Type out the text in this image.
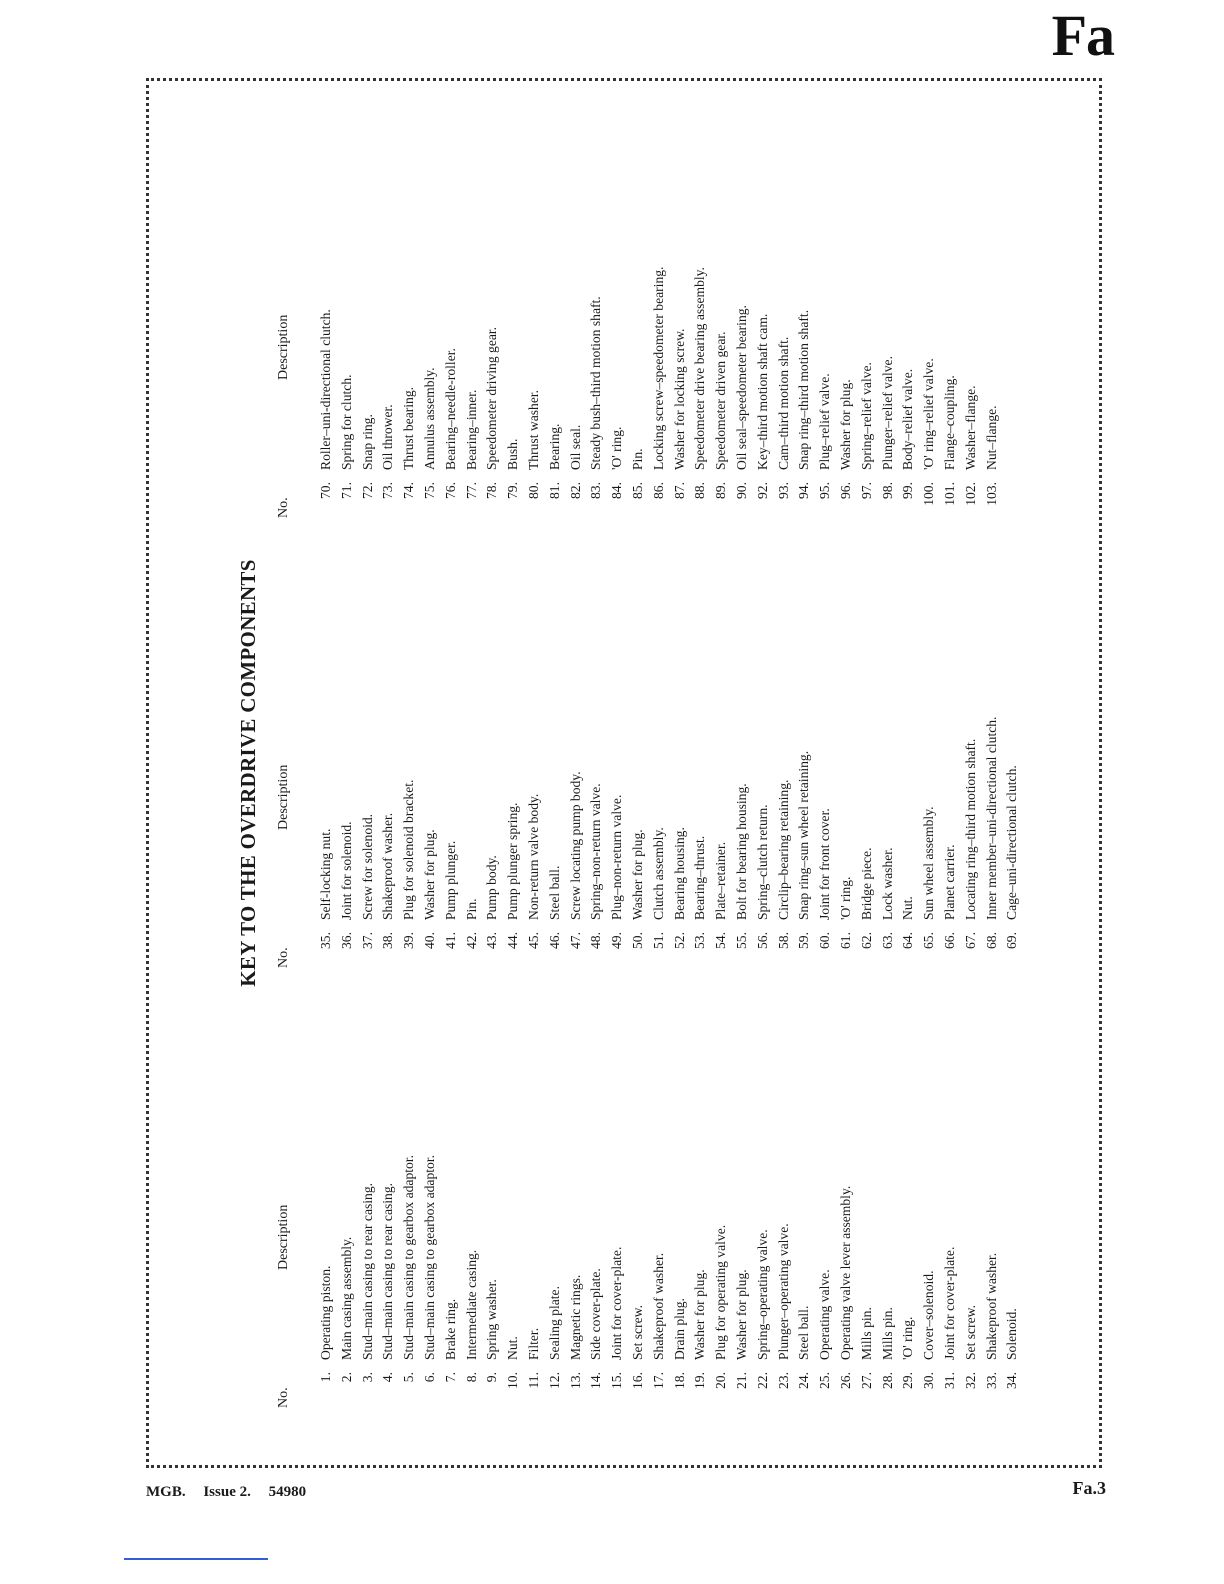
Fa
KEY TO THE OVERDRIVE COMPONENTS
No.
Description
1.
Operating piston.
2.
Main casing assembly.
3.
Stud–main casing to rear casing.
4.
Stud–main casing to rear casing.
5.
Stud–main casing to gearbox adaptor.
6.
Stud–main casing to gearbox adaptor.
7.
Brake ring.
8.
Intermediate casing.
9.
Spring washer.
10.
Nut.
11.
Filter.
12.
Sealing plate.
13.
Magnetic rings.
14.
Side cover-plate.
15.
Joint for cover-plate.
16.
Set screw.
17.
Shakeproof washer.
18.
Drain plug.
19.
Washer for plug.
20.
Plug for operating valve.
21.
Washer for plug.
22.
Spring–operating valve.
23.
Plunger–operating valve.
24.
Steel ball.
25.
Operating valve.
26.
Operating valve lever assembly.
27.
Mills pin.
28.
Mills pin.
29.
'O' ring.
30.
Cover–solenoid.
31.
Joint for cover-plate.
32.
Set screw.
33.
Shakeproof washer.
34.
Solenoid.
No.
Description
35.
Self-locking nut.
36.
Joint for solenoid.
37.
Screw for solenoid.
38.
Shakeproof washer.
39.
Plug for solenoid bracket.
40.
Washer for plug.
41.
Pump plunger.
42.
Pin.
43.
Pump body.
44.
Pump plunger spring.
45.
Non-return valve body.
46.
Steel ball.
47.
Screw locating pump body.
48.
Spring–non-return valve.
49.
Plug–non-return valve.
50.
Washer for plug.
51.
Clutch assembly.
52.
Bearing housing.
53.
Bearing–thrust.
54.
Plate–retainer.
55.
Bolt for bearing housing.
56.
Spring–clutch return.
58.
Circlip–bearing retaining.
59.
Snap ring–sun wheel retaining.
60.
Joint for front cover.
61.
'O' ring.
62.
Bridge piece.
63.
Lock washer.
64.
Nut.
65.
Sun wheel assembly.
66.
Planet carrier.
67.
Locating ring–third motion shaft.
68.
Inner member–uni-directional clutch.
69.
Cage–uni-directional clutch.
No.
Description
70.
Roller–uni-directional clutch.
71.
Spring for clutch.
72.
Snap ring.
73.
Oil thrower.
74.
Thrust bearing.
75.
Annulus assembly.
76.
Bearing–needle-roller.
77.
Bearing–inner.
78.
Speedometer driving gear.
79.
Bush.
80.
Thrust washer.
81.
Bearing.
82.
Oil seal.
83.
Steady bush–third motion shaft.
84.
'O' ring.
85.
Pin.
86.
Locking screw–speedometer bearing.
87.
Washer for locking screw.
88.
Speedometer drive bearing assembly.
89.
Speedometer driven gear.
90.
Oil seal–speedometer bearing.
92.
Key–third motion shaft cam.
93.
Cam–third motion shaft.
94.
Snap ring–third motion shaft.
95.
Plug–relief valve.
96.
Washer for plug.
97.
Spring–relief valve.
98.
Plunger–relief valve.
99.
Body–relief valve.
100.
'O' ring–relief valve.
101.
Flange–coupling.
102.
Washer–flange.
103.
Nut–flange.
MGB. Issue 2. 54980	Fa.3
